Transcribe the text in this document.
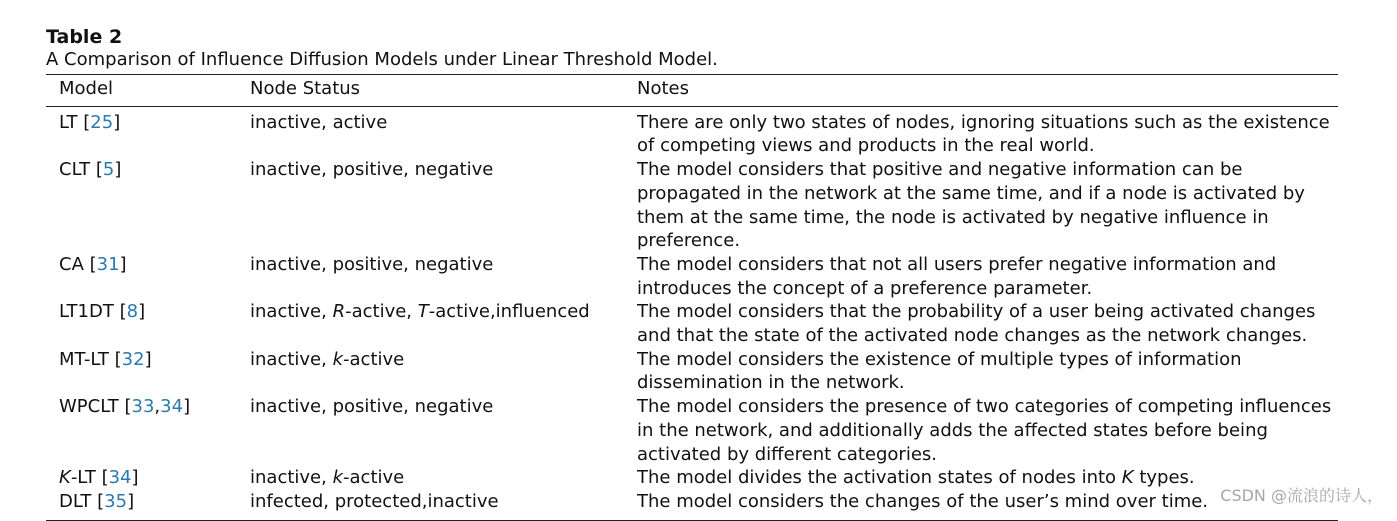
Table 2
A Comparison of Influence Diffusion Models under Linear Threshold Model.
Model	Node Status	Notes
LT [25]	inactive, active	There are only two states of nodes, ignoring situations such as the existence of competing views and products in the real world.
CLT [5]	inactive, positive, negative	The model considers that positive and negative information can be propagated in the network at the same time, and if a node is activated by them at the same time, the node is activated by negative influence in preference.
CA [31]	inactive, positive, negative	The model considers that not all users prefer negative information and introduces the concept of a preference parameter.
LT1DT [8]	inactive, R-active, T-active,influenced	The model considers that the probability of a user being activated changes and that the state of the activated node changes as the network changes.
MT-LT [32]	inactive, k-active	The model considers the existence of multiple types of information dissemination in the network.
WPCLT [33,34]	inactive, positive, negative	The model considers the presence of two categories of competing influences in the network, and additionally adds the affected states before being activated by different categories.
K-LT [34]	inactive, k-active	The model divides the activation states of nodes into K types.
DLT [35]	infected, protected,inactive	The model considers the changes of the user’s mind over time. CSDN @流浪的诗人，
